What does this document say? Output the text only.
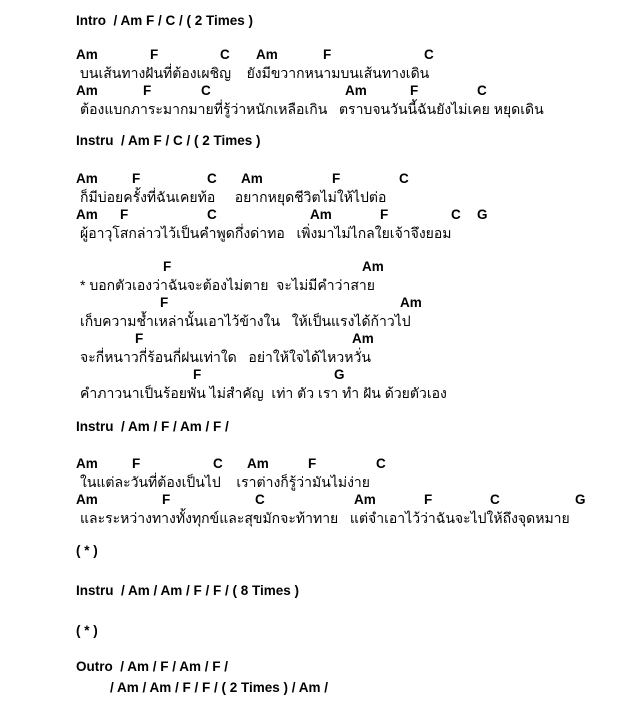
Intro  / Am F / C / ( 2 Times )
Am	F	C Am	F	C
บนเส้นทางฝันที่ต้องเผชิญ    ยังมีขวากหนามบนเส้นทางเดิน
Am	F	C	Am	F	C
ต้องแบกภาระมากมายที่รู้ว่าหนักเหลือเกิน   ตราบจนวันนี้ฉันยังไม่เคย หยุดเดิน
Instru  / Am F / C / ( 2 Times )
Am	F	C Am	F	C
ก็มีบ่อยครั้งที่ฉันเคยท้อ     อยากหยุดชีวิตไม่ให้ไปต่อ
Am F	C	Am	F	C G
ผู้อาวุโสกล่าวไว้เป็นคำพูดกึ่งด่าทอ   เพิ่งมาไม่ไกลใยเจ้าจึงยอม
F	Am
* บอกตัวเองว่าฉันจะต้องไม่ตาย  จะไม่มีคำว่าสาย
F	Am
เก็บความช้ำเหล่านั้นเอาไว้ข้างใน   ให้เป็นแรงได้ก้าวไป
F	Am
จะกี่หนาวกี่ร้อนกี่ฝนเท่าใด   อย่าให้ใจได้ไหวหวั่น
F	G
คำภาวนาเป็นร้อยพัน ไม่สำคัญ  เท่า ตัว เรา ทำ ฝัน ด้วยตัวเอง
Instru  / Am / F / Am / F /
Am	F	C Am	F	C
ในแต่ละวันที่ต้องเป็นไป    เราต่างก็รู้ว่ามันไม่ง่าย
Am	F	C	Am	F	C	G
และระหว่างทางทั้งทุกข์และสุขมักจะท้าทาย   แต่จำเอาไว้ว่าฉันจะไปให้ถึงจุดหมาย
( * )
Instru  / Am / Am / F / F / ( 8 Times )
( * )
Outro  / Am / F / Am / F /
/ Am / Am / F / F / ( 2 Times ) / Am /
